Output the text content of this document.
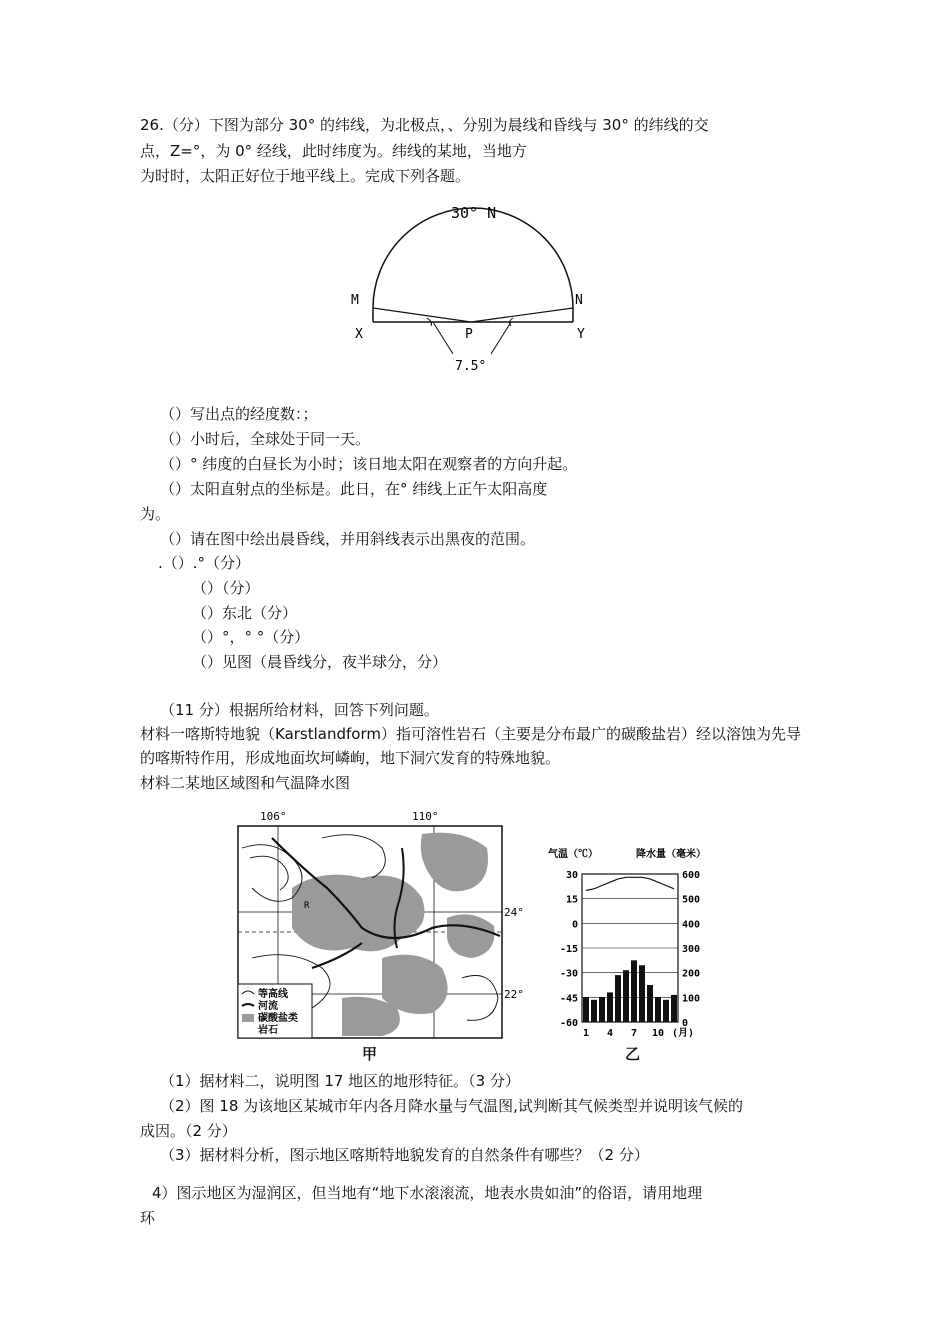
26.（分）下图为部分 30° 的纬线，为北极点，、分别为晨线和昏线与 30° 的纬线的交
点，Z=°，为 0° 经线，此时纬度为。纬线的某地，当地方
为时时，太阳正好位于地平线上。完成下列各题。
30° N
M	N
X	P	Y
7.5°
（）写出点的经度数：；
（）小时后，全球处于同一天。
（）° 纬度的白昼长为小时；该日地太阳在观察者的方向升起。
（）太阳直射点的坐标是。此日，在° 纬线上正午太阳高度
为。
（）请在图中绘出晨昏线，并用斜线表示出黑夜的范围。
.（）.°（分）
（）（分）
（）东北（分）
（）°，° °（分）
（）见图（晨昏线分，夜半球分，分）
（11 分）根据所给材料，回答下列问题。
材料一喀斯特地貌（Karstlandform）指可溶性岩石（主要是分布最广的碳酸盐岩）经以溶蚀为先导的喀斯特作用，形成地面坎坷嶙峋，地下洞穴发育的特殊地貌。
材料二某地区域图和气温降水图
等高线
河流
碳酸盐类
岩石
106°	110°
24°
22°
R
甲
气温（℃）	降水量（毫米）
30	600
15	500
0	400
-15	300
-30	200
-45	100
-60	0
1 4 7 10 (月)
乙
（1）据材料二，说明图 17 地区的地形特征。（3 分）
（2）图 18 为该地区某城市年内各月降水量与气温图,试判断其气候类型并说明该气候的
成因。（2 分）
（3）据材料分析，图示地区喀斯特地貌发育的自然条件有哪些？（2 分）
4）图示地区为湿润区，但当地有“地下水滚滚流，地表水贵如油”的俗语，请用地理
环
